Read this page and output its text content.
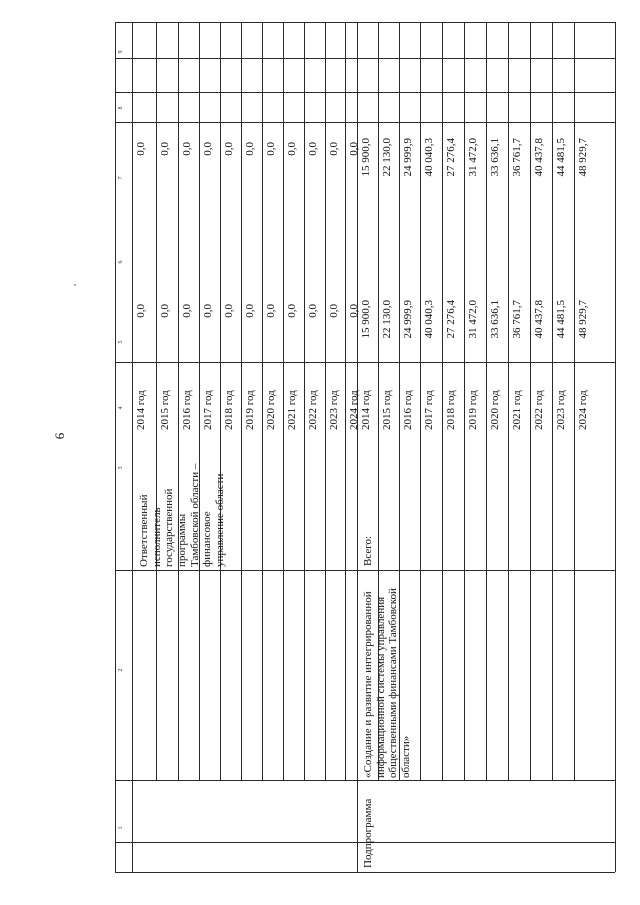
6
1
2
3
4
5
6
7
8
9
Ответственный исполнитель государственной программы Тамбовской области – финансовое управление области
2014 год
0,0
0,0
2015 год
0,0
0,0
2016 год
0,0
0,0
2017 год
0,0
0,0
2018 год
0,0
0,0
2019 год
0,0
0,0
2020 год
0,0
0,0
2021 год
0,0
0,0
2022 год
0,0
0,0
2023 год
0,0
0,0
2024 год
0,0
0,0
Подпрограмма
«Создание и развитие интегрированной информационной системы управления общественными финансами Тамбовской области»
Всего:
2014 год
15 900,0
15 900,0
2015 год
22 130,0
22 130,0
2016 год
24 999,9
24 999,9
2017 год
40 040,3
40 040,3
2018 год
27 276,4
27 276,4
2019 год
31 472,0
31 472,0
2020 год
33 636,1
33 636,1
2021 год
36 761,7
36 761,7
2022 год
40 437,8
40 437,8
2023 год
44 481,5
44 481,5
2024 год
48 929,7
48 929,7
